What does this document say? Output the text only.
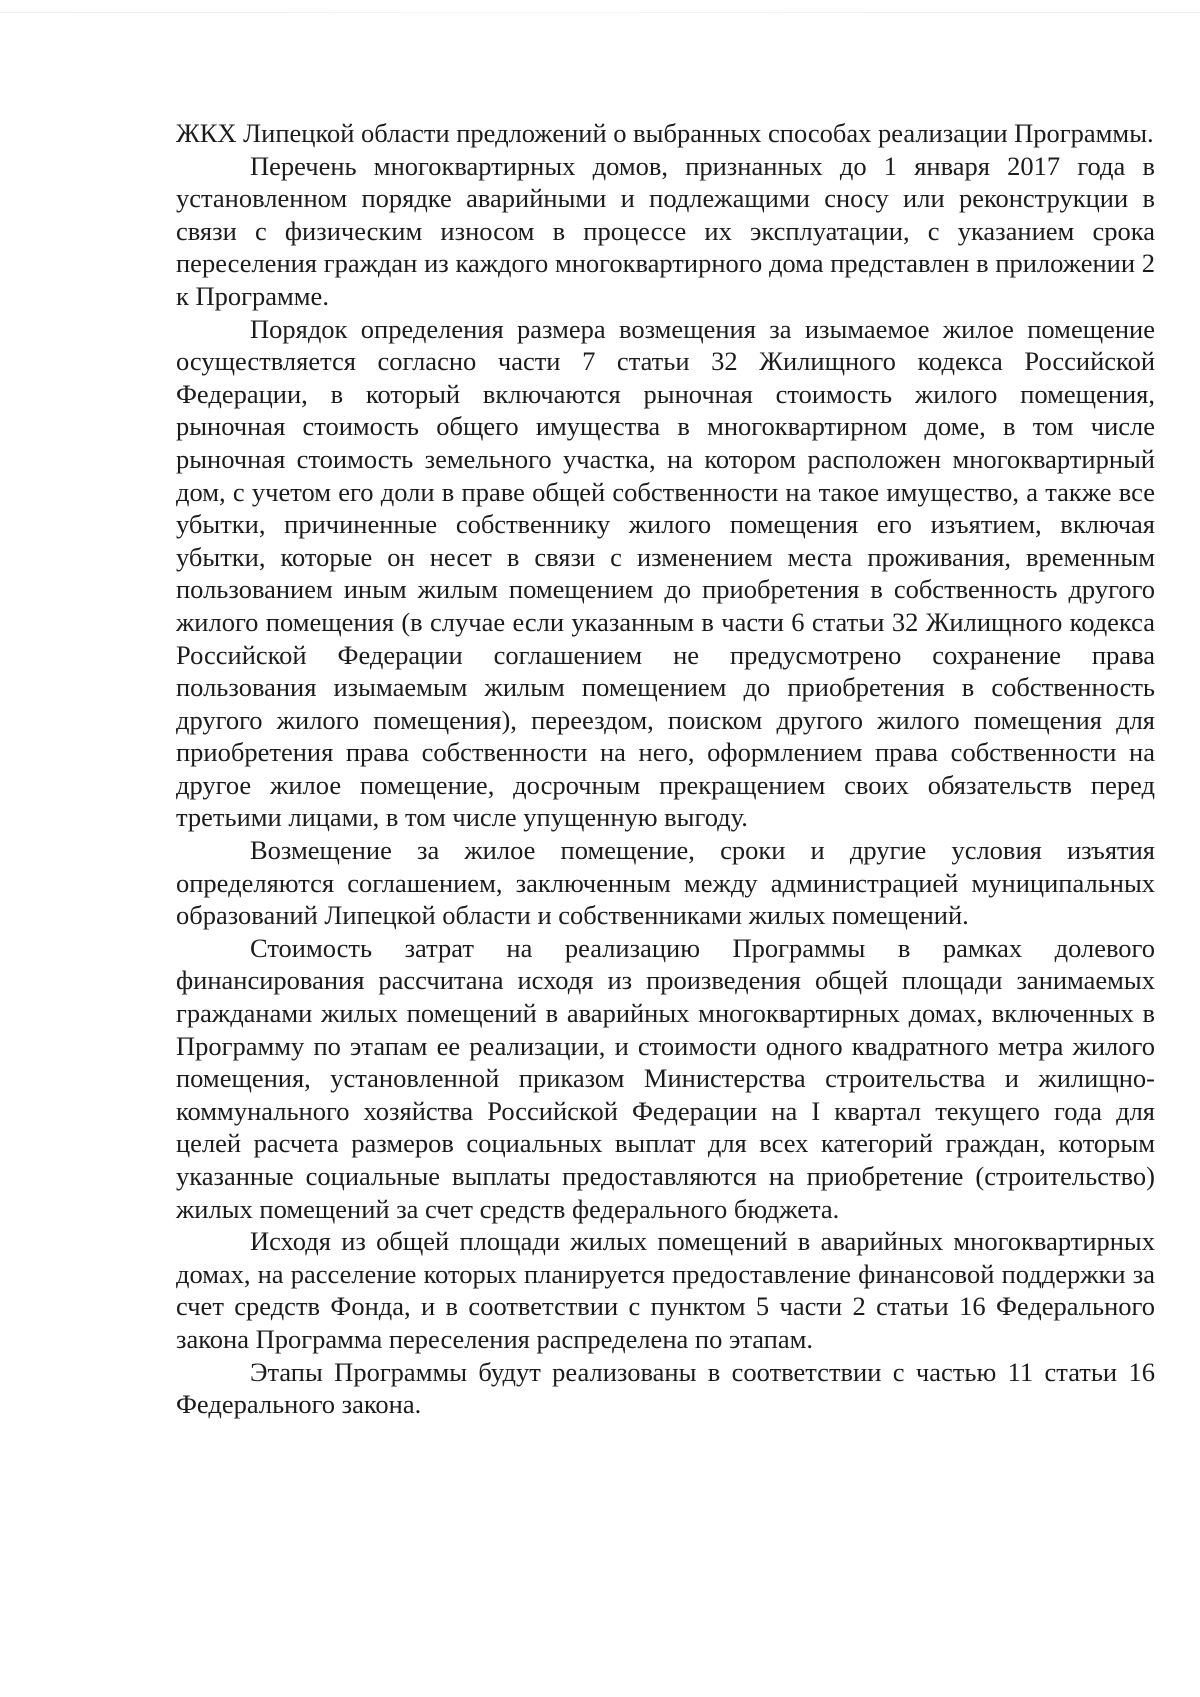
ЖКХ Липецкой области предложений о выбранных способах реализации Программы.

Перечень многоквартирных домов, признанных до 1 января 2017 года в установленном порядке аварийными и подлежащими сносу или реконструкции в связи с физическим износом в процессе их эксплуатации, с указанием срока переселения граждан из каждого многоквартирного дома представлен в приложении 2 к Программе.

Порядок определения размера возмещения за изымаемое жилое помещение осуществляется согласно части 7 статьи 32 Жилищного кодекса Российской Федерации, в который включаются рыночная стоимость жилого помещения, рыночная стоимость общего имущества в многоквартирном доме, в том числе рыночная стоимость земельного участка, на котором расположен многоквартирный дом, с учетом его доли в праве общей собственности на такое имущество, а также все убытки, причиненные собственнику жилого помещения его изъятием, включая убытки, которые он несет в связи с изменением места проживания, временным пользованием иным жилым помещением до приобретения в собственность другого жилого помещения (в случае если указанным в части 6 статьи 32 Жилищного кодекса Российской Федерации соглашением не предусмотрено сохранение права пользования изымаемым жилым помещением до приобретения в собственность другого жилого помещения), переездом, поиском другого жилого помещения для приобретения права собственности на него, оформлением права собственности на другое жилое помещение, досрочным прекращением своих обязательств перед третьими лицами, в том числе упущенную выгоду.

Возмещение за жилое помещение, сроки и другие условия изъятия определяются соглашением, заключенным между администрацией муниципальных образований Липецкой области и собственниками жилых помещений.

Стоимость затрат на реализацию Программы в рамках долевого финансирования рассчитана исходя из произведения общей площади занимаемых гражданами жилых помещений в аварийных многоквартирных домах, включенных в Программу по этапам ее реализации, и стоимости одного квадратного метра жилого помещения, установленной приказом Министерства строительства и жилищно-коммунального хозяйства Российской Федерации на I квартал текущего года для целей расчета размеров социальных выплат для всех категорий граждан, которым указанные социальные выплаты предоставляются на приобретение (строительство) жилых помещений за счет средств федерального бюджета.

Исходя из общей площади жилых помещений в аварийных многоквартирных домах, на расселение которых планируется предоставление финансовой поддержки за счет средств Фонда, и в соответствии с пунктом 5 части 2 статьи 16 Федерального закона Программа переселения распределена по этапам.

Этапы Программы будут реализованы в соответствии с частью 11 статьи 16 Федерального закона.
